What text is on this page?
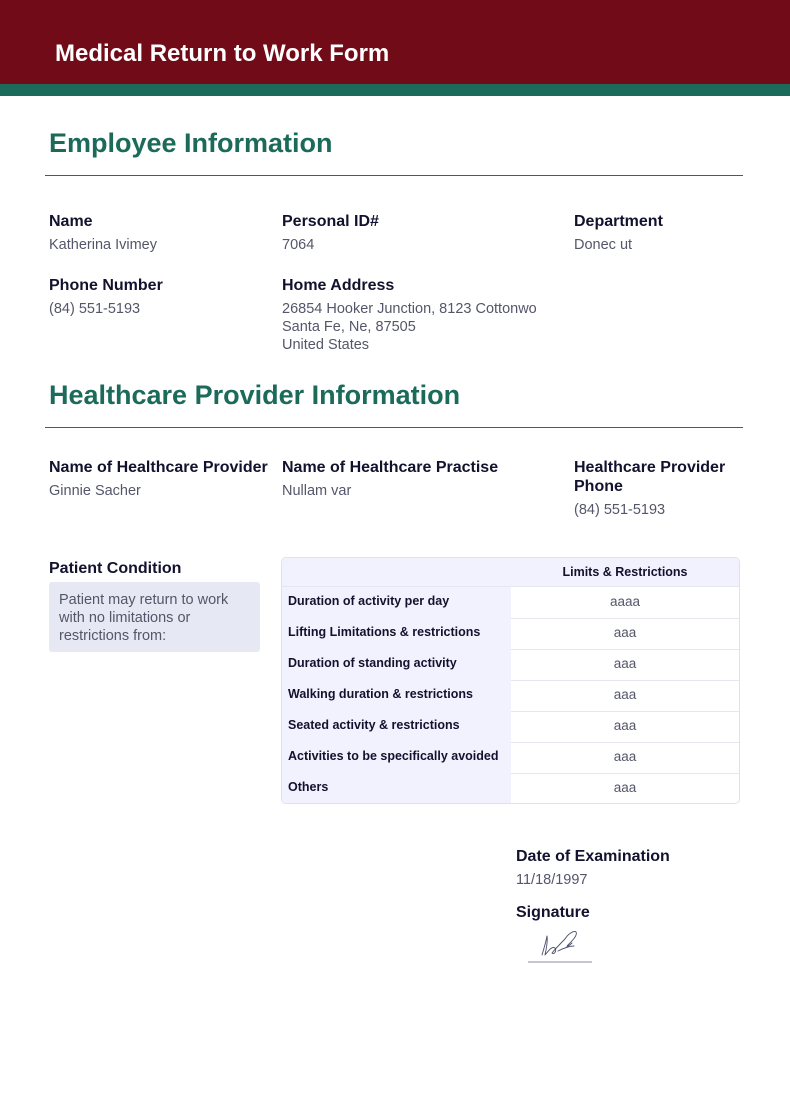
Medical Return to Work Form
Employee Information
Name
Katherina Ivimey
Personal ID#
7064
Department
Donec ut
Phone Number
(84) 551-5193
Home Address
26854 Hooker Junction, 8123 Cottonwo
Santa Fe, Ne, 87505
United States
Healthcare Provider Information
Name of Healthcare Provider
Ginnie Sacher
Name of Healthcare Practise
Nullam var
Healthcare Provider
Phone
(84) 551-5193
Patient Condition
Patient may return to work with no limitations or restrictions from:
Limits & Restrictions
Duration of activity per day	aaaa
Lifting Limitations & restrictions	aaa
Duration of standing activity	aaa
Walking duration & restrictions	aaa
Seated activity & restrictions	aaa
Activities to be specifically avoided	aaa
Others	aaa
Date of Examination
11/18/1997
Signature
